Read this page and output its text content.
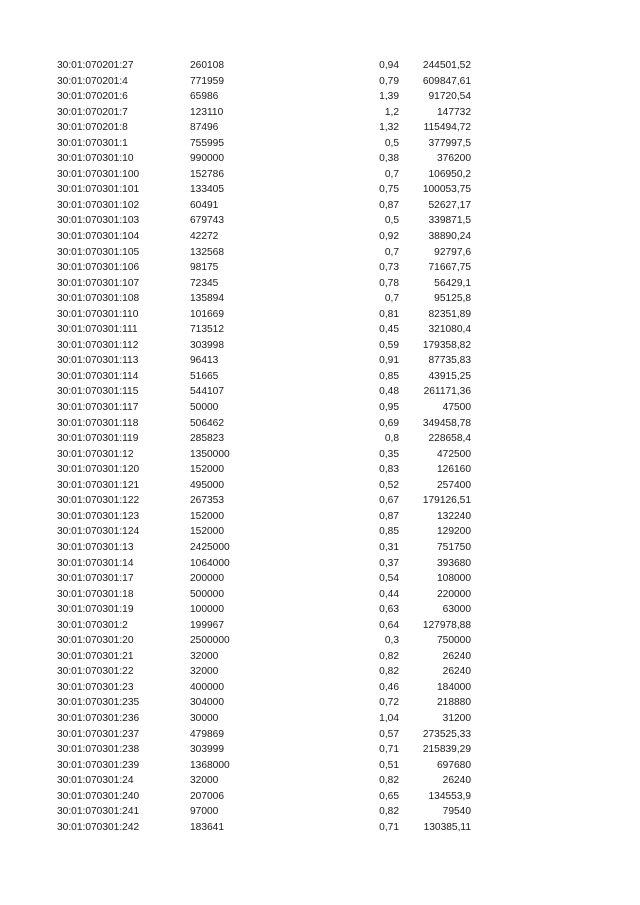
30:01:070201:27	260108	0,94 244501,52
30:01:070201:4	771959	0,79 609847,61
30:01:070201:6	65986	1,39	91720,54
30:01:070201:7	123110	1,2	147732
30:01:070201:8	87496	1,32 115494,72
30:01:070301:1	755995	0,5	377997,5
30:01:070301:10	990000	0,38	376200
30:01:070301:100	152786	0,7	106950,2
30:01:070301:101	133405	0,75 100053,75
30:01:070301:102	60491	0,87	52627,17
30:01:070301:103	679743	0,5	339871,5
30:01:070301:104	42272	0,92	38890,24
30:01:070301:105	132568	0,7	92797,6
30:01:070301:106	98175	0,73	71667,75
30:01:070301:107	72345	0,78	56429,1
30:01:070301:108	135894	0,7	95125,8
30:01:070301:110	101669	0,81	82351,89
30:01:070301:111	713512	0,45	321080,4
30:01:070301:112	303998	0,59 179358,82
30:01:070301:113	96413	0,91	87735,83
30:01:070301:114	51665	0,85	43915,25
30:01:070301:115	544107	0,48 261171,36
30:01:070301:117	50000	0,95	47500
30:01:070301:118	506462	0,69 349458,78
30:01:070301:119	285823	0,8	228658,4
30:01:070301:12	1350000	0,35	472500
30:01:070301:120	152000	0,83	126160
30:01:070301:121	495000	0,52	257400
30:01:070301:122	267353	0,67 179126,51
30:01:070301:123	152000	0,87	132240
30:01:070301:124	152000	0,85	129200
30:01:070301:13	2425000	0,31	751750
30:01:070301:14	1064000	0,37	393680
30:01:070301:17	200000	0,54	108000
30:01:070301:18	500000	0,44	220000
30:01:070301:19	100000	0,63	63000
30:01:070301:2	199967	0,64 127978,88
30:01:070301:20	2500000	0,3	750000
30:01:070301:21	32000	0,82	26240
30:01:070301:22	32000	0,82	26240
30:01:070301:23	400000	0,46	184000
30:01:070301:235	304000	0,72	218880
30:01:070301:236	30000	1,04	31200
30:01:070301:237	479869	0,57 273525,33
30:01:070301:238	303999	0,71 215839,29
30:01:070301:239	1368000	0,51	697680
30:01:070301:24	32000	0,82	26240
30:01:070301:240	207006	0,65	134553,9
30:01:070301:241	97000	0,82	79540
30:01:070301:242	183641	0,71 130385,11
